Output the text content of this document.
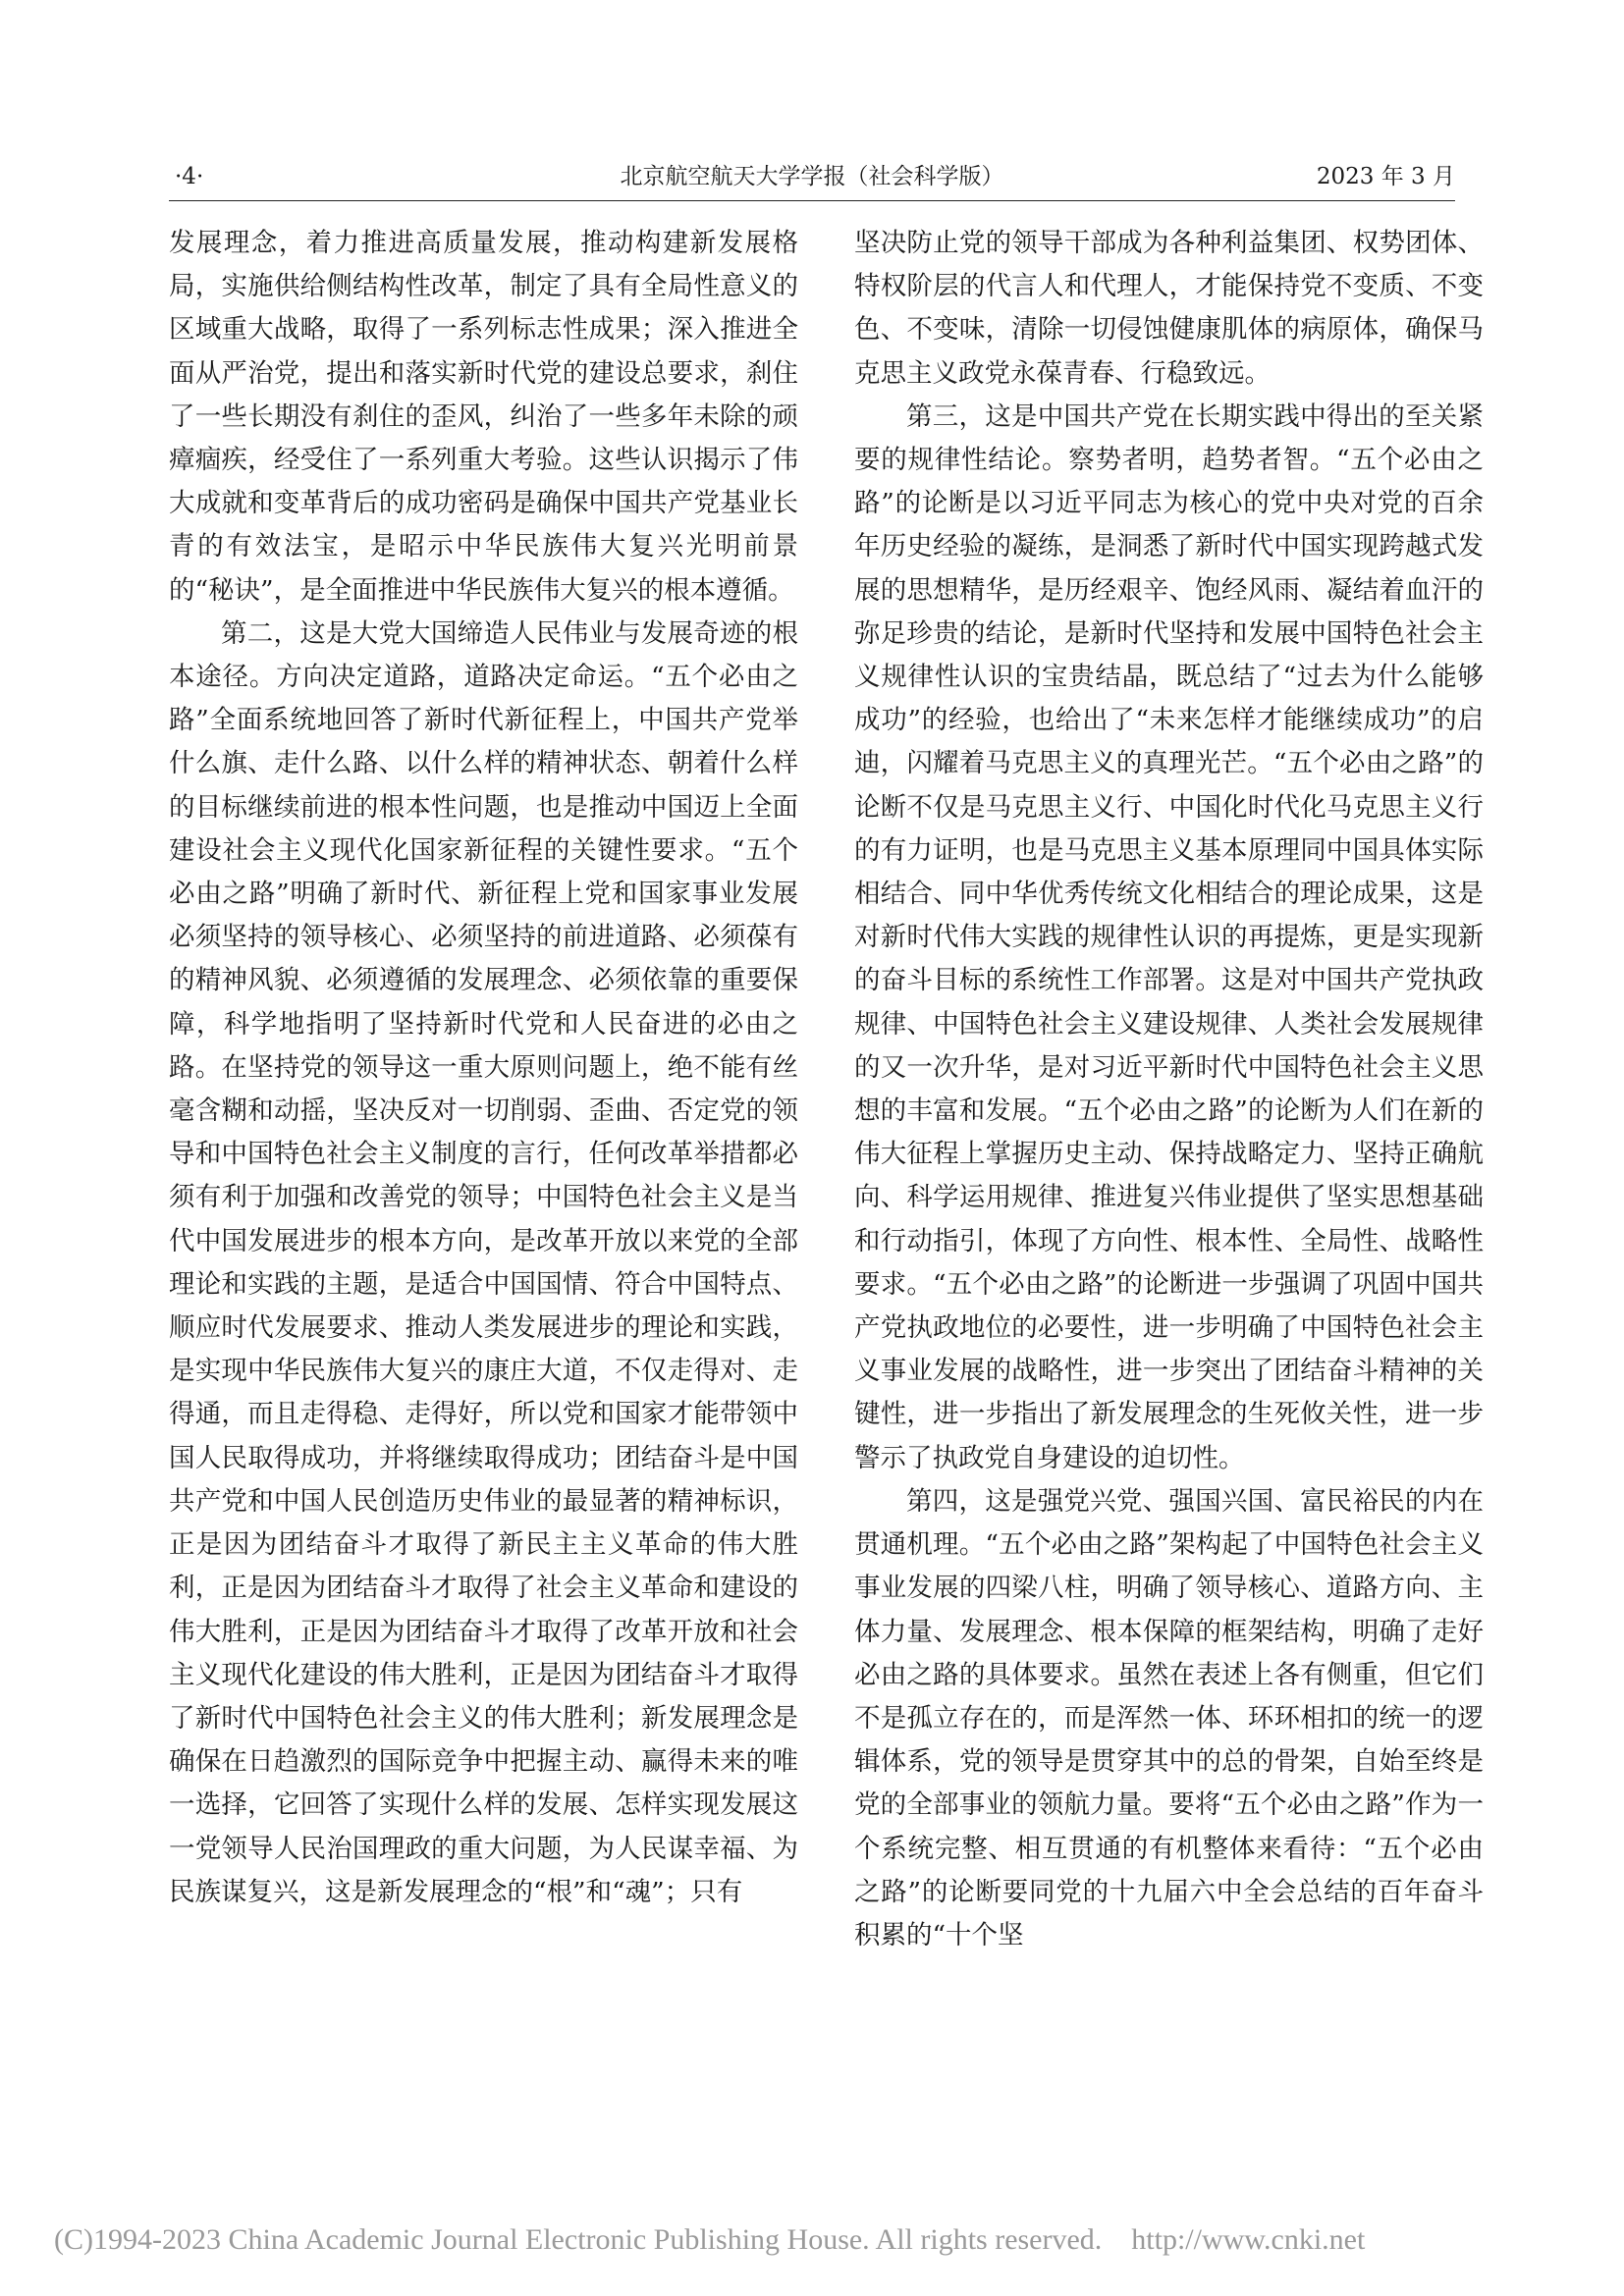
·4·	北京航空航天大学学报（社会科学版）	2023 年 3 月

发展理念，着力推进高质量发展，推动构建新发展格局，实施供给侧结构性改革，制定了具有全局性意义的区域重大战略，取得了一系列标志性成果；深入推进全面从严治党，提出和落实新时代党的建设总要求，刹住了一些长期没有刹住的歪风，纠治了一些多年未除的顽瘴痼疾，经受住了一系列重大考验。这些认识揭示了伟大成就和变革背后的成功密码是确保中国共产党基业长青的有效法宝，是昭示中华民族伟大复兴光明前景的“秘诀”，是全面推进中华民族伟大复兴的根本遵循。

第二，这是大党大国缔造人民伟业与发展奇迹的根本途径。方向决定道路，道路决定命运。“五个必由之路”全面系统地回答了新时代新征程上，中国共产党举什么旗、走什么路、以什么样的精神状态、朝着什么样的目标继续前进的根本性问题，也是推动中国迈上全面建设社会主义现代化国家新征程的关键性要求。“五个必由之路”明确了新时代、新征程上党和国家事业发展必须坚持的领导核心、必须坚持的前进道路、必须葆有的精神风貌、必须遵循的发展理念、必须依靠的重要保障，科学地指明了坚持新时代党和人民奋进的必由之路。在坚持党的领导这一重大原则问题上，绝不能有丝毫含糊和动摇，坚决反对一切削弱、歪曲、否定党的领导和中国特色社会主义制度的言行，任何改革举措都必须有利于加强和改善党的领导；中国特色社会主义是当代中国发展进步的根本方向，是改革开放以来党的全部理论和实践的主题，是适合中国国情、符合中国特点、顺应时代发展要求、推动人类发展进步的理论和实践，是实现中华民族伟大复兴的康庄大道，不仅走得对、走得通，而且走得稳、走得好，所以党和国家才能带领中国人民取得成功，并将继续取得成功；团结奋斗是中国共产党和中国人民创造历史伟业的最显著的精神标识，正是因为团结奋斗才取得了新民主主义革命的伟大胜利，正是因为团结奋斗才取得了社会主义革命和建设的伟大胜利，正是因为团结奋斗才取得了改革开放和社会主义现代化建设的伟大胜利，正是因为团结奋斗才取得了新时代中国特色社会主义的伟大胜利；新发展理念是确保在日趋激烈的国际竞争中把握主动、赢得未来的唯一选择，它回答了实现什么样的发展、怎样实现发展这一党领导人民治国理政的重大问题，为人民谋幸福、为民族谋复兴，这是新发展理念的“根”和“魂”；只有

坚决防止党的领导干部成为各种利益集团、权势团体、特权阶层的代言人和代理人，才能保持党不变质、不变色、不变味，清除一切侵蚀健康肌体的病原体，确保马克思主义政党永葆青春、行稳致远。

第三，这是中国共产党在长期实践中得出的至关紧要的规律性结论。察势者明，趋势者智。“五个必由之路”的论断是以习近平同志为核心的党中央对党的百余年历史经验的凝练，是洞悉了新时代中国实现跨越式发展的思想精华，是历经艰辛、饱经风雨、凝结着血汗的弥足珍贵的结论，是新时代坚持和发展中国特色社会主义规律性认识的宝贵结晶，既总结了“过去为什么能够成功”的经验，也给出了“未来怎样才能继续成功”的启迪，闪耀着马克思主义的真理光芒。“五个必由之路”的论断不仅是马克思主义行、中国化时代化马克思主义行的有力证明，也是马克思主义基本原理同中国具体实际相结合、同中华优秀传统文化相结合的理论成果，这是对新时代伟大实践的规律性认识的再提炼，更是实现新的奋斗目标的系统性工作部署。这是对中国共产党执政规律、中国特色社会主义建设规律、人类社会发展规律的又一次升华，是对习近平新时代中国特色社会主义思想的丰富和发展。“五个必由之路”的论断为人们在新的伟大征程上掌握历史主动、保持战略定力、坚持正确航向、科学运用规律、推进复兴伟业提供了坚实思想基础和行动指引，体现了方向性、根本性、全局性、战略性要求。“五个必由之路”的论断进一步强调了巩固中国共产党执政地位的必要性，进一步明确了中国特色社会主义事业发展的战略性，进一步突出了团结奋斗精神的关键性，进一步指出了新发展理念的生死攸关性，进一步警示了执政党自身建设的迫切性。

第四，这是强党兴党、强国兴国、富民裕民的内在贯通机理。“五个必由之路”架构起了中国特色社会主义事业发展的四梁八柱，明确了领导核心、道路方向、主体力量、发展理念、根本保障的框架结构，明确了走好必由之路的具体要求。虽然在表述上各有侧重，但它们不是孤立存在的，而是浑然一体、环环相扣的统一的逻辑体系，党的领导是贯穿其中的总的骨架，自始至终是党的全部事业的领航力量。要将“五个必由之路”作为一个系统完整、相互贯通的有机整体来看待：“五个必由之路”的论断要同党的十九届六中全会总结的百年奋斗积累的“十个坚

(C)1994-2023 China Academic Journal Electronic Publishing House. All rights reserved.    http://www.cnki.net
